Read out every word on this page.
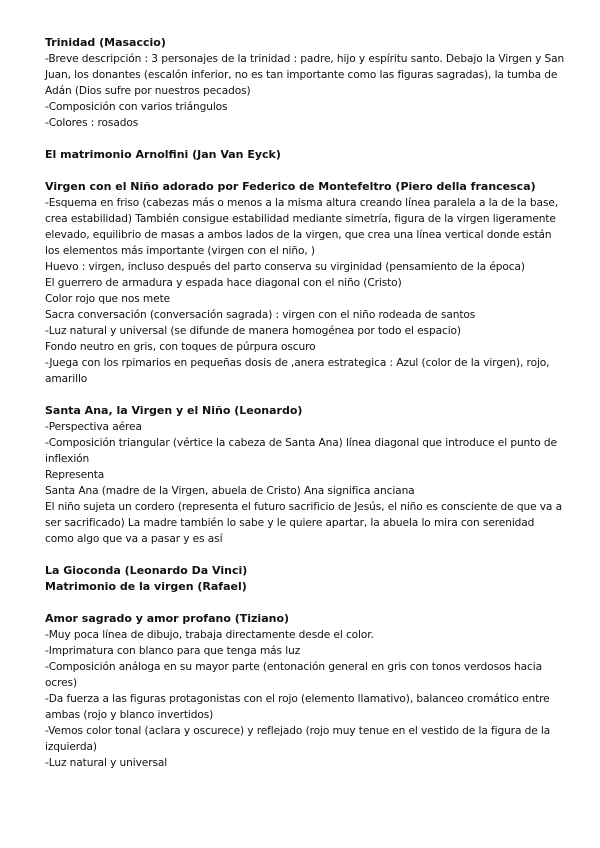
Trinidad (Masaccio)

-Breve descripción : 3 personajes de la trinidad : padre, hijo y espíritu santo. Debajo la Virgen y San Juan, los donantes (escalón inferior, no es tan importante como las figuras sagradas), la tumba de Adán (Dios sufre por nuestros pecados)

-Composición con varios triángulos

-Colores : rosados

El matrimonio Arnolfini (Jan Van Eyck)

Virgen con el Niño adorado por Federico de Montefeltro (Piero della francesca)

-Esquema en friso (cabezas más o menos a la misma altura creando línea paralela a la de la base, crea estabilidad) También consigue estabilidad mediante simetría, figura de la virgen ligeramente elevado, equilibrio de masas a ambos lados de la virgen, que crea una línea vertical donde están los elementos más importante (virgen con el niño, )

Huevo : virgen, incluso después del parto conserva su virginidad (pensamiento de la época)

El guerrero de armadura y espada hace diagonal con el niño (Cristo)

Color rojo que nos mete

Sacra conversación (conversación sagrada) : virgen con el niño rodeada de santos

-Luz natural y universal (se difunde de manera homogénea por todo el espacio)

Fondo neutro en gris, con toques de púrpura oscuro

-Juega con los rpimarios en pequeñas dosis de ,anera estrategica : Azul (color de la virgen), rojo, amarillo

Santa Ana, la Virgen y el Niño (Leonardo)

-Perspectiva aérea

-Composición triangular (vértice la cabeza de Santa Ana) línea diagonal que introduce el punto de inflexión

Representa

Santa Ana (madre de la Virgen, abuela de Cristo) Ana significa anciana

El niño sujeta un cordero (representa el futuro sacrificio de Jesús, el niño es consciente de que va a ser sacrificado) La madre también lo sabe y le quiere apartar, la abuela lo mira con serenidad como algo que va a pasar y es así

La Gioconda (Leonardo Da Vinci)

Matrimonio de la virgen (Rafael)

Amor sagrado y amor profano (Tiziano)

-Muy poca línea de dibujo, trabaja directamente desde el color.

-Imprimatura con blanco para que tenga más luz

-Composición análoga en su mayor parte (entonación general en gris con tonos verdosos hacia ocres)

-Da fuerza a las figuras protagonistas con el rojo (elemento llamativo), balanceo cromático entre ambas (rojo y blanco invertidos)

-Vemos color tonal (aclara y oscurece) y reflejado (rojo muy tenue en el vestido de la figura de la izquierda)

-Luz natural y universal
